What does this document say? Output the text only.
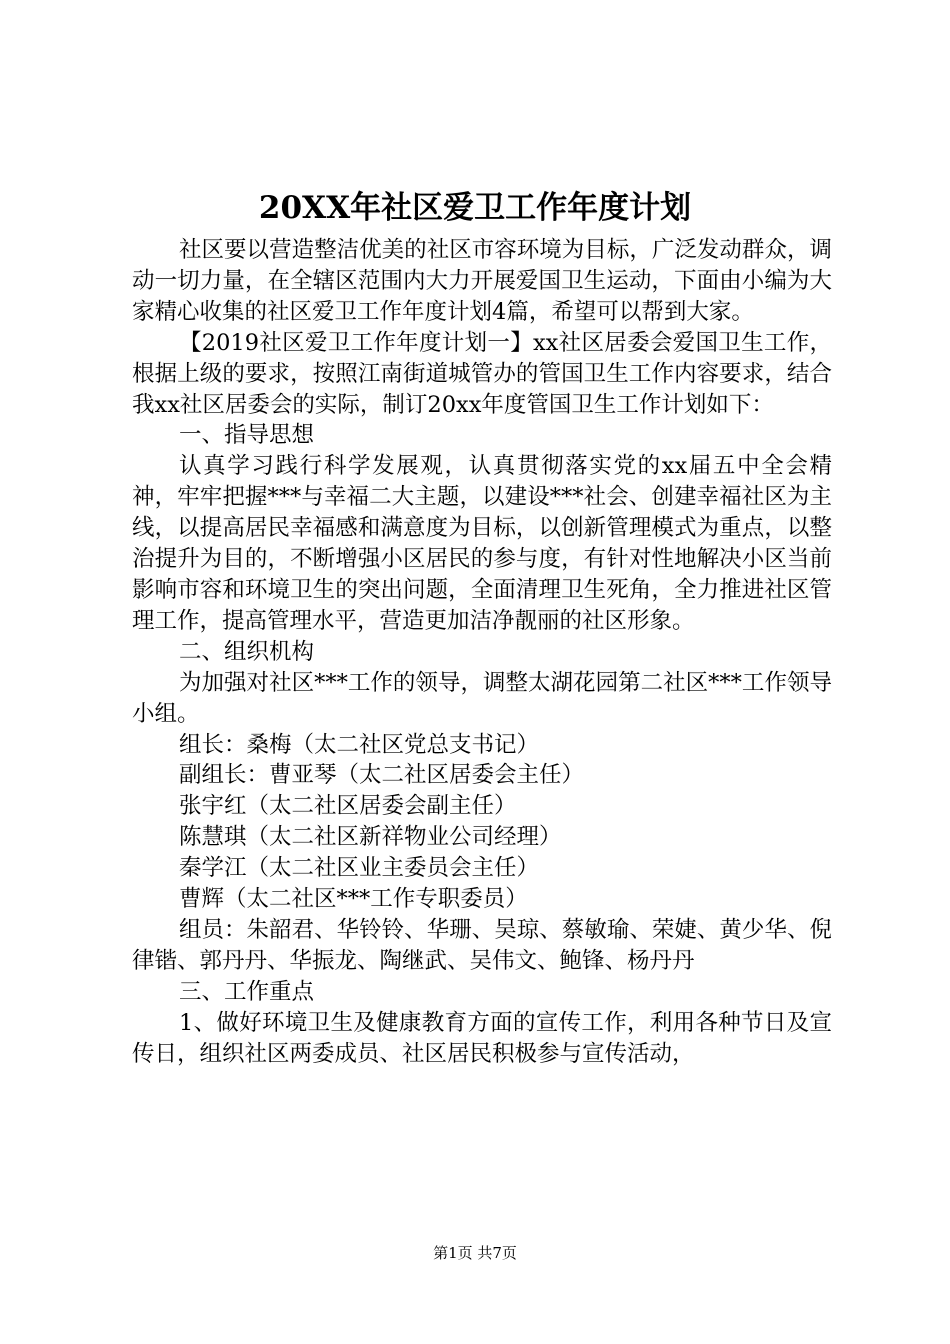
20XX年社区爱卫工作年度计划

社区要以营造整洁优美的社区市容环境为目标，广泛发动群众，调动一切力量，在全辖区范围内大力开展爱国卫生运动，下面由小编为大家精心收集的社区爱卫工作年度计划4篇，希望可以帮到大家。

【2019社区爱卫工作年度计划一】xx社区居委会爱国卫生工作，根据上级的要求，按照江南街道城管办的管国卫生工作内容要求，结合我xx社区居委会的实际，制订20xx年度管国卫生工作计划如下：

一、指导思想

认真学习践行科学发展观，认真贯彻落实党的xx届五中全会精神，牢牢把握***与幸福二大主题，以建设***社会、创建幸福社区为主线，以提高居民幸福感和满意度为目标，以创新管理模式为重点，以整治提升为目的，不断增强小区居民的参与度，有针对性地解决小区当前影响市容和环境卫生的突出问题，全面清理卫生死角，全力推进社区管理工作，提高管理水平，营造更加洁净靓丽的社区形象。

二、组织机构

为加强对社区***工作的领导，调整太湖花园第二社区***工作领导小组。

组长：桑梅（太二社区党总支书记）

副组长：曹亚琴（太二社区居委会主任）

张宇红（太二社区居委会副主任）

陈慧琪（太二社区新祥物业公司经理）

秦学江（太二社区业主委员会主任）

曹辉（太二社区***工作专职委员）

组员：朱韶君、华铃铃、华珊、吴琼、蔡敏瑜、荣婕、黄少华、倪律锴、郭丹丹、华振龙、陶继武、吴伟文、鲍锋、杨丹丹

三、工作重点

1、做好环境卫生及健康教育方面的宣传工作，利用各种节日及宣传日，组织社区两委成员、社区居民积极参与宣传活动，

第1页 共7页
